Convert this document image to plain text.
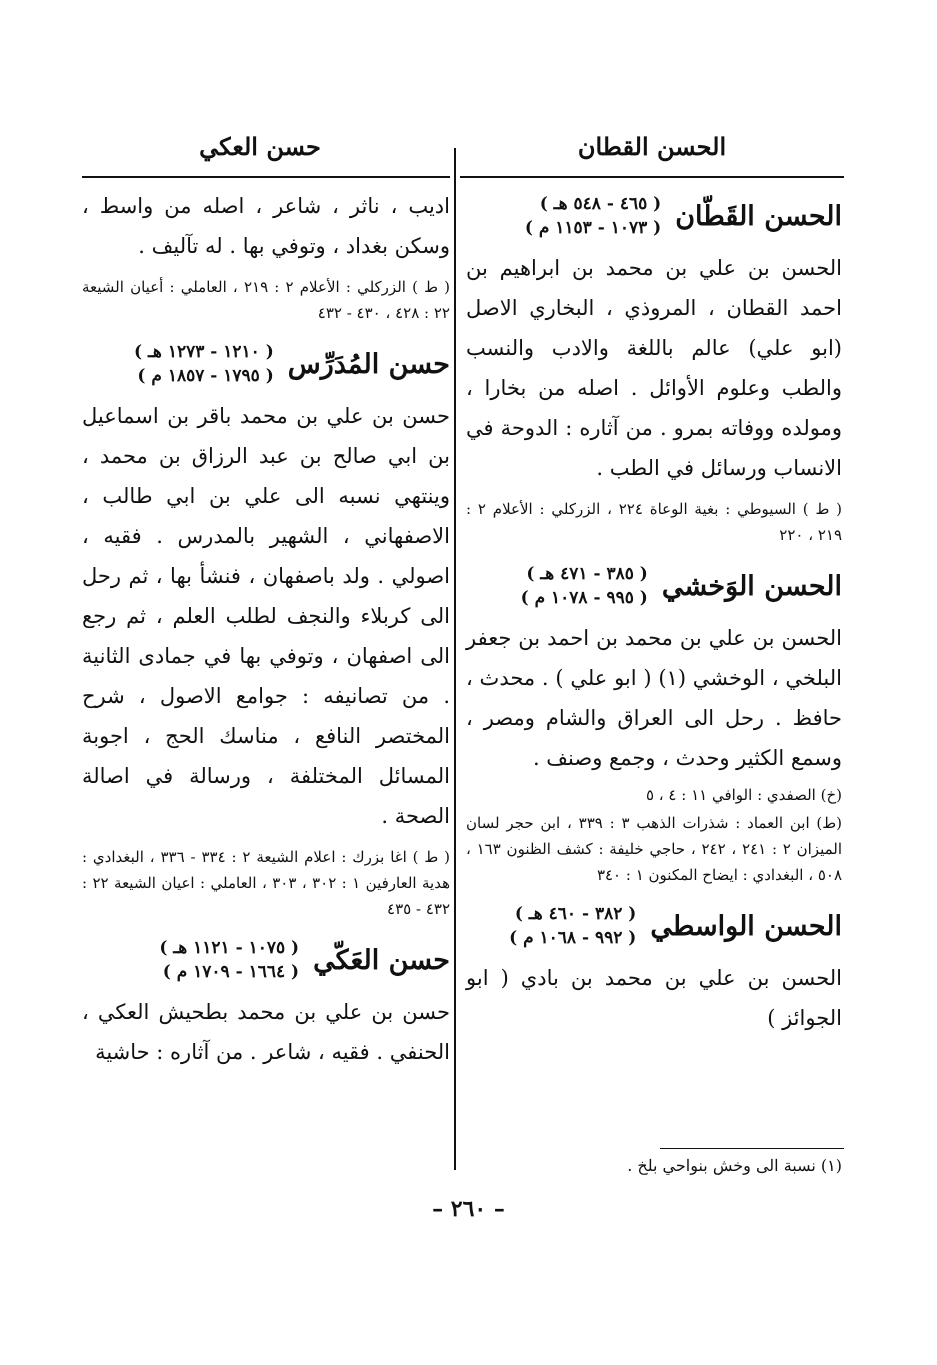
الحسن القطان
حسن العكي
الحسن القَطّان
( ٤٦٥ - ٥٤٨ هـ )
( ١٠٧٣ - ١١٥٣ م )

الحسن بن علي بن محمد بن ابراهيم بن احمد القطان ، المروذي ، البخاري الاصل (ابو علي) عالم باللغة والادب والنسب والطب وعلوم الأوائل . اصله من بخارا ، ومولده ووفاته بمرو . من آثاره : الدوحة في الانساب ورسائل في الطب .

( ط ) السيوطي : بغية الوعاة ٢٢٤ ، الزركلي : الأعلام ٢ : ٢١٩ ، ٢٢٠

الحسن الوَخشي
( ٣٨٥ - ٤٧١ هـ )
( ٩٩٥ - ١٠٧٨ م )

الحسن بن علي بن محمد بن احمد بن جعفر البلخي ، الوخشي (١) ( ابو علي ) . محدث ، حافظ . رحل الى العراق والشام ومصر ، وسمع الكثير وحدث ، وجمع وصنف .

(خ) الصفدي : الوافي ١١ : ٤ ، ٥

(ط) ابن العماد : شذرات الذهب ٣ : ٣٣٩ ، ابن حجر لسان الميزان ٢ : ٢٤١ ، ٢٤٢ ، حاجي خليفة : كشف الظنون ١٦٣ ، ٥٠٨ ، البغدادي : ايضاح المكنون ١ : ٣٤٠

الحسن الواسطي
( ٣٨٢ - ٤٦٠ هـ )
( ٩٩٢ - ١٠٦٨ م )

الحسن بن علي بن محمد بن بادي ( ابو الجوائز )

(١) نسبة الى وخش بنواحي بلخ .

اديب ، ناثر ، شاعر ، اصله من واسط ، وسكن بغداد ، وتوفي بها . له تآليف .

( ط ) الزركلي : الأعلام ٢ : ٢١٩ ، العاملي : أعيان الشيعة ٢٢ : ٤٢٨ ، ٤٣٠ - ٤٣٢

حسن المُدَرِّس
( ١٢١٠ - ١٢٧٣ هـ )
( ١٧٩٥ - ١٨٥٧ م )

حسن بن علي بن محمد باقر بن اسماعيل بن ابي صالح بن عبد الرزاق بن محمد ، وينتهي نسبه الى علي بن ابي طالب ، الاصفهاني ، الشهير بالمدرس . فقيه ، اصولي . ولد باصفهان ، فنشأ بها ، ثم رحل الى كربلاء والنجف لطلب العلم ، ثم رجع الى اصفهان ، وتوفي بها في جمادى الثانية . من تصانيفه : جوامع الاصول ، شرح المختصر النافع ، مناسك الحج ، اجوبة المسائل المختلفة ، ورسالة في اصالة الصحة .

( ط ) اغا بزرك : اعلام الشيعة ٢ : ٣٣٤ - ٣٣٦ ، البغدادي : هدية العارفين ١ : ٣٠٢ ، ٣٠٣ ، العاملي : اعيان الشيعة ٢٢ : ٤٣٢ - ٤٣٥

حسن العَكّي
( ١٠٧٥ - ١١٢١ هـ )
( ١٦٦٤ - ١٧٠٩ م )

حسن بن علي بن محمد بطحيش العكي ، الحنفي . فقيه ، شاعر . من آثاره : حاشية

– ٢٦٠ –
